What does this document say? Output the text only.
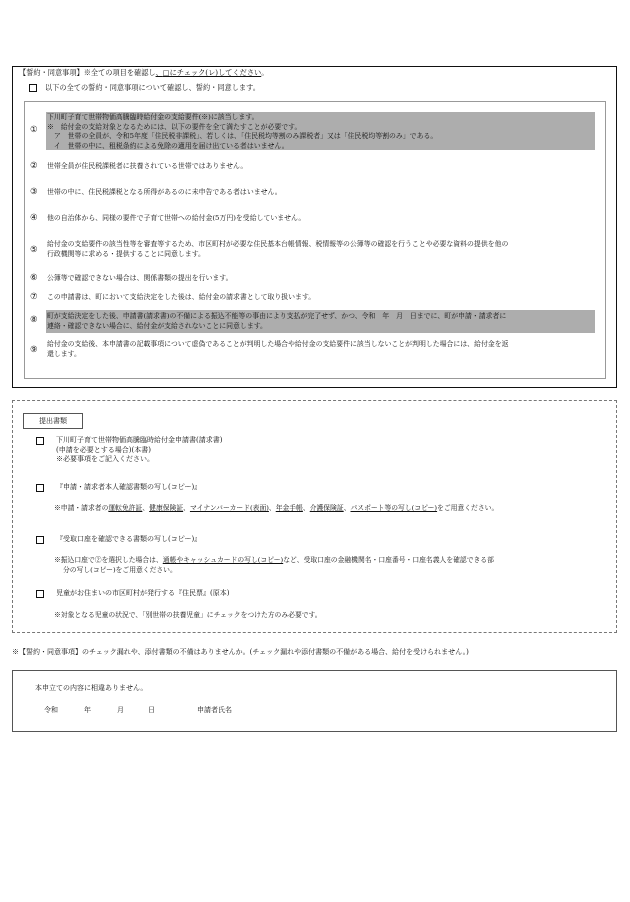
【誓約・同意事項】※全ての項目を確認し、□にチェック(レ)してください。
以下の全ての誓約・同意事項について確認し、誓約・同意します。
①
下川町子育て世帯物価高騰臨時給付金の支給要件(※)に該当します。
※　給付金の支給対象となるためには、以下の要件を全て満たすことが必要です。
　ア　世帯の全員が、令和5年度「住民税非課税」、若しくは、「住民税均等割のみ課税者」又は「住民税均等割のみ」である。
　イ　世帯の中に、租税条約による免除の適用を届け出ている者はいません。
② 世帯全員が住民税課税者に扶養されている世帯ではありません。
③ 世帯の中に、住民税課税となる所得があるのに未申告である者はいません。
④ 他の自治体から、同様の要件で子育て世帯への給付金(5万円)を受給していません。
⑤
給付金の支給要件の該当性等を審査等するため、市区町村が必要な住民基本台帳情報、税情報等の公簿等の確認を行うことや必要な資料の提供を他の
行政機関等に求める・提供することに同意します。
⑥ 公簿等で確認できない場合は、関係書類の提出を行います。
⑦ この申請書は、町において支給決定をした後は、給付金の請求書として取り扱います。
⑧ 町が支給決定をした後、申請書(請求書)の不備による振込不能等の事由により支払が完了せず、かつ、令和　年　月　日までに、町が申請・請求者に
連絡・確認できない場合に、給付金が支給されないことに同意します。
⑨
給付金の支給後、本申請書の記載事項について虚偽であることが判明した場合や給付金の支給要件に該当しないことが判明した場合には、給付金を返
還します。
提出書類
下川町子育て世帯物価高騰臨時給付金申請書(請求書)
(申請を必要とする場合)(本書)
※必要事項をご記入ください。
『申請・請求者本人確認書類の写し(コピー)』
※申請・請求者の運転免許証、健康保険証、マイナンバーカード(表面)、年金手帳、介護保険証、パスポート等の写し(コピー)をご用意ください。
『受取口座を確認できる書類の写し(コピー)』
※振込口座で②を選択した場合は、通帳やキャッシュカードの写し(コピー)など、受取口座の金融機関名・口座番号・口座名義人を確認できる部
分の写し(コピー)をご用意ください。
児童がお住まいの市区町村が発行する『住民票』(原本)
※対象となる児童の状況で、「別世帯の扶養児童」にチェックをつけた方のみ必要です。
※【誓約・同意事項】のチェック漏れや、添付書類の不備はありませんか。(チェック漏れや添付書類の不備がある場合、給付を受けられません。)
本申立ての内容に相違ありません。
令和	年	月	日	申請者氏名
